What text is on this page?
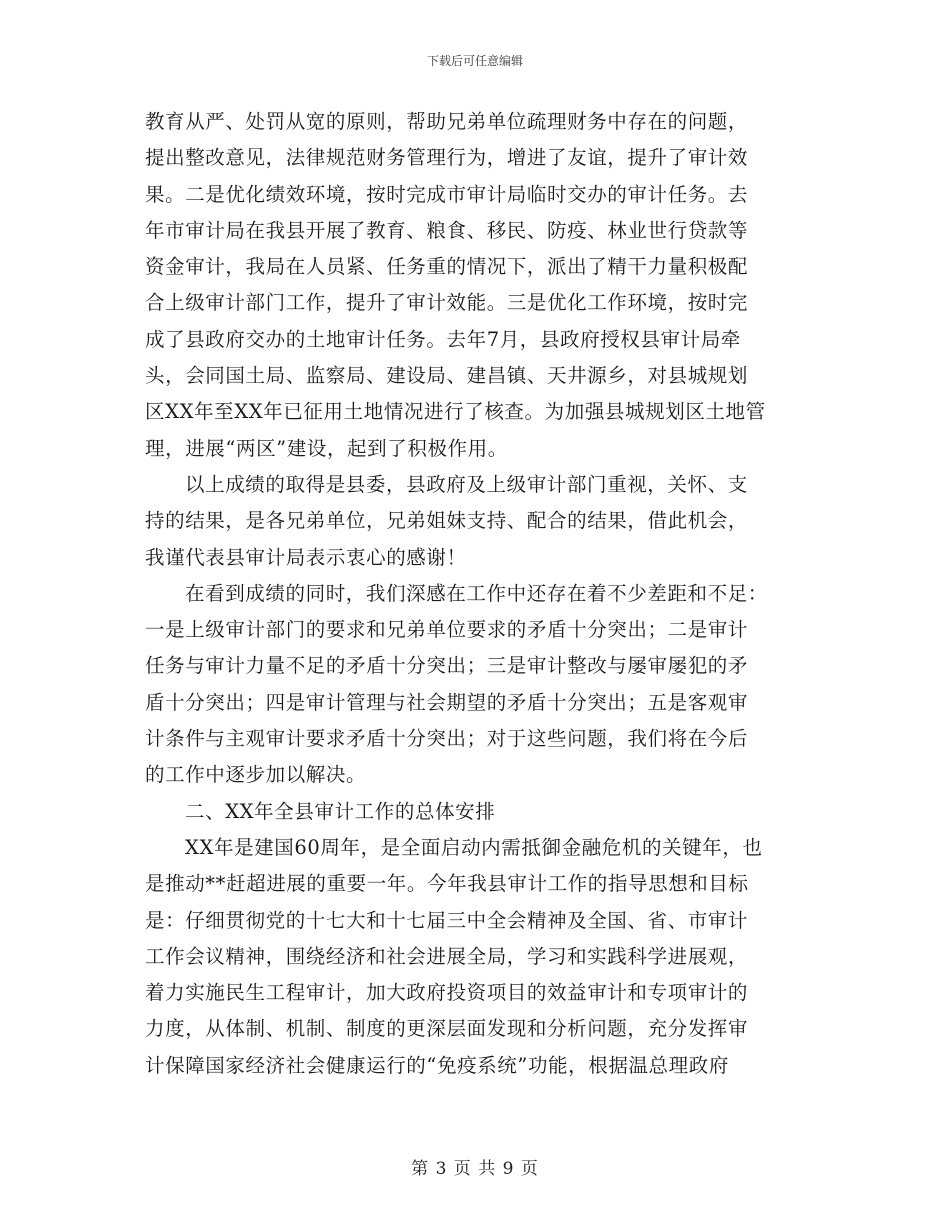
下载后可任意编辑
教育从严、处罚从宽的原则，帮助兄弟单位疏理财务中存在的问题，
提出整改意见，法律规范财务管理行为，增进了友谊，提升了审计效
果。二是优化绩效环境，按时完成市审计局临时交办的审计任务。去
年市审计局在我县开展了教育、粮食、移民、防疫、林业世行贷款等
资金审计，我局在人员紧、任务重的情况下，派出了精干力量积极配
合上级审计部门工作，提升了审计效能。三是优化工作环境，按时完
成了县政府交办的土地审计任务。去年7月，县政府授权县审计局牵
头，会同国土局、监察局、建设局、建昌镇、天井源乡，对县城规划
区XX年至XX年已征用土地情况进行了核查。为加强县城规划区土地管
理，进展“两区”建设，起到了积极作用。
以上成绩的取得是县委，县政府及上级审计部门重视，关怀、支
持的结果，是各兄弟单位，兄弟姐妹支持、配合的结果，借此机会，
我谨代表县审计局表示衷心的感谢！
在看到成绩的同时，我们深感在工作中还存在着不少差距和不足：
一是上级审计部门的要求和兄弟单位要求的矛盾十分突出；二是审计
任务与审计力量不足的矛盾十分突出；三是审计整改与屡审屡犯的矛
盾十分突出；四是审计管理与社会期望的矛盾十分突出；五是客观审
计条件与主观审计要求矛盾十分突出；对于这些问题，我们将在今后
的工作中逐步加以解决。
二、XX年全县审计工作的总体安排
XX年是建国60周年，是全面启动内需抵御金融危机的关键年，也
是推动**赶超进展的重要一年。今年我县审计工作的指导思想和目标
是：仔细贯彻党的十七大和十七届三中全会精神及全国、省、市审计
工作会议精神，围绕经济和社会进展全局，学习和实践科学进展观，
着力实施民生工程审计，加大政府投资项目的效益审计和专项审计的
力度，从体制、机制、制度的更深层面发现和分析问题，充分发挥审
计保障国家经济社会健康运行的“免疫系统”功能，根据温总理政府
第 3 页 共 9 页
